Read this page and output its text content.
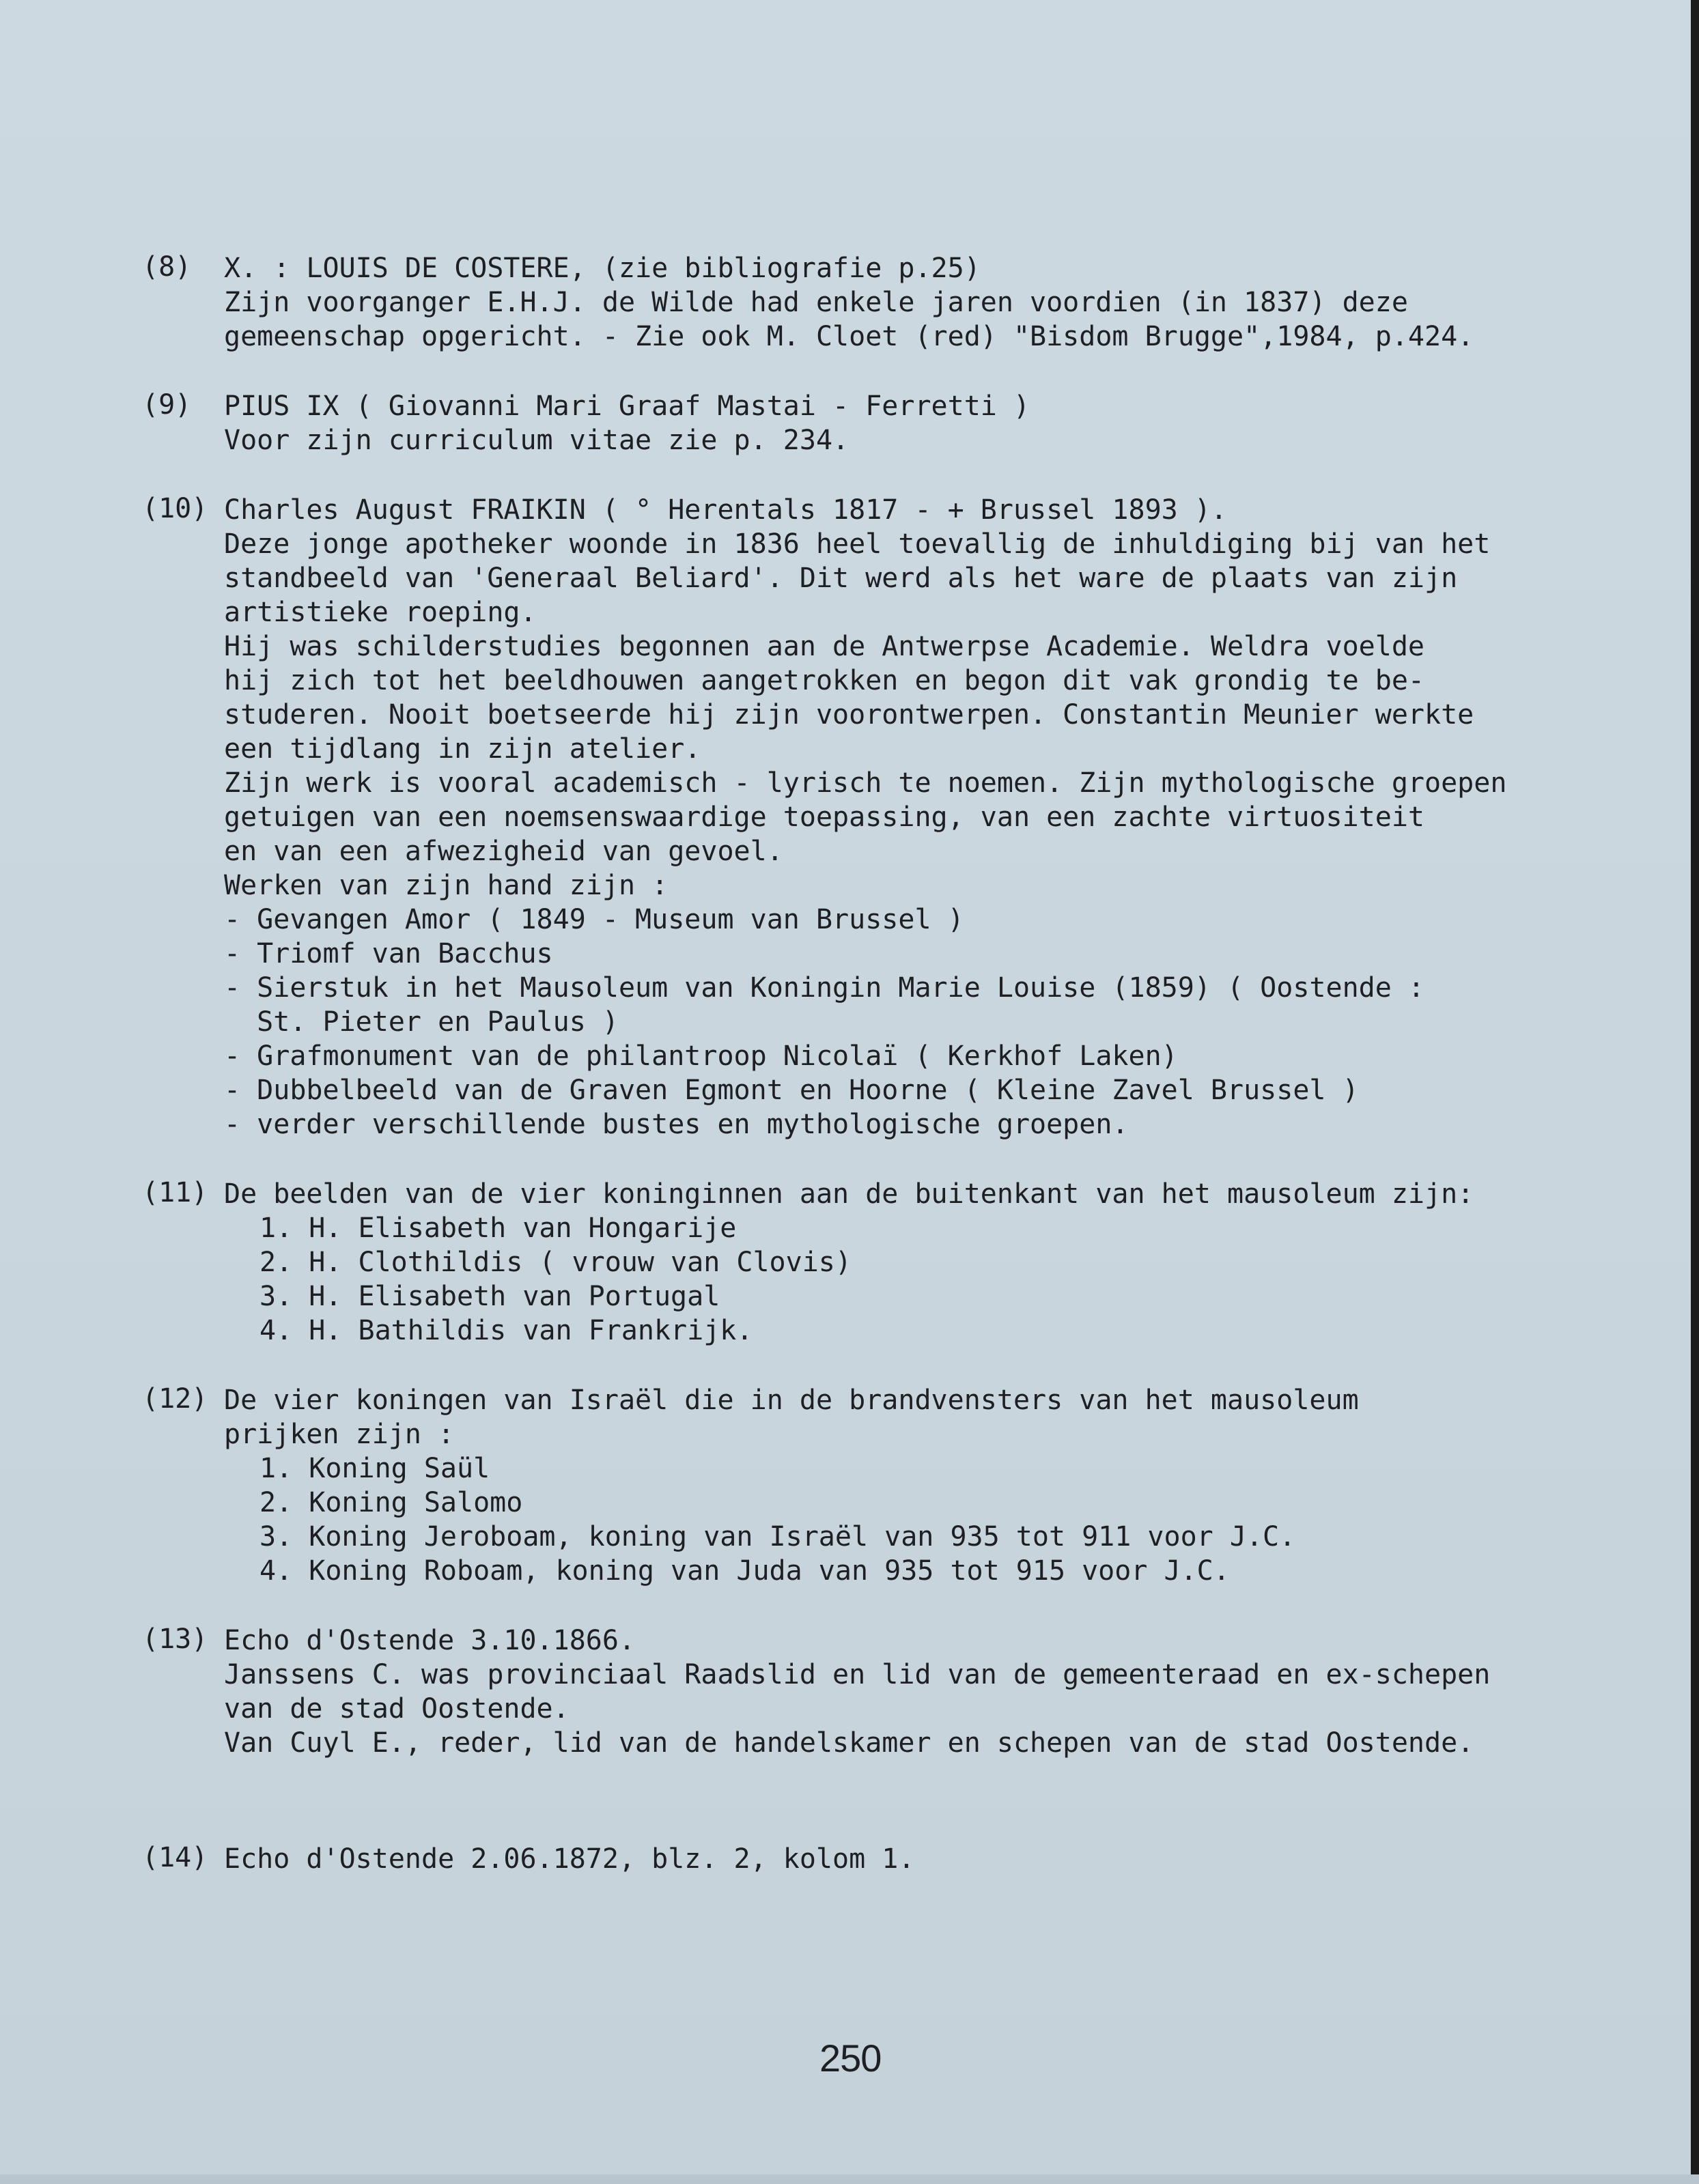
(8) X. : LOUIS DE COSTERE, (zie bibliografie p.25)
Zijn voorganger E.H.J. de Wilde had enkele jaren voordien (in 1837) deze
gemeenschap opgericht. - Zie ook M. Cloet (red) "Bisdom Brugge",1984, p.424.
(9) PIUS IX ( Giovanni Mari Graaf Mastai - Ferretti )
Voor zijn curriculum vitae zie p. 234.
(10) Charles August FRAIKIN ( ° Herentals 1817 - + Brussel 1893 ).
Deze jonge apotheker woonde in 1836 heel toevallig de inhuldiging bij van het
standbeeld van 'Generaal Beliard'. Dit werd als het ware de plaats van zijn
artistieke roeping.
Hij was schilderstudies begonnen aan de Antwerpse Academie. Weldra voelde
hij zich tot het beeldhouwen aangetrokken en begon dit vak grondig te be-
studeren. Nooit boetseerde hij zijn voorontwerpen. Constantin Meunier werkte
een tijdlang in zijn atelier.
Zijn werk is vooral academisch - lyrisch te noemen. Zijn mythologische groepen
getuigen van een noemsenswaardige toepassing, van een zachte virtuositeit
en van een afwezigheid van gevoel.
Werken van zijn hand zijn :
- Gevangen Amor ( 1849 - Museum van Brussel )
- Triomf van Bacchus
- Sierstuk in het Mausoleum van Koningin Marie Louise (1859) ( Oostende :
St. Pieter en Paulus )
- Grafmonument van de philantroop Nicolaï ( Kerkhof Laken)
- Dubbelbeeld van de Graven Egmont en Hoorne ( Kleine Zavel Brussel )
- verder verschillende bustes en mythologische groepen.
(11) De beelden van de vier koninginnen aan de buitenkant van het mausoleum zijn:
1. H. Elisabeth van Hongarije
2. H. Clothildis ( vrouw van Clovis)
3. H. Elisabeth van Portugal
4. H. Bathildis van Frankrijk.
(12) De vier koningen van Israël die in de brandvensters van het mausoleum
prijken zijn :
1. Koning Saül
2. Koning Salomo
3. Koning Jeroboam, koning van Israël van 935 tot 911 voor J.C.
4. Koning Roboam, koning van Juda van 935 tot 915 voor J.C.
(13) Echo d'Ostende 3.10.1866.
Janssens C. was provinciaal Raadslid en lid van de gemeenteraad en ex-schepen
van de stad Oostende.
Van Cuyl E., reder, lid van de handelskamer en schepen van de stad Oostende.
(14) Echo d'Ostende 2.06.1872, blz. 2, kolom 1.
250
